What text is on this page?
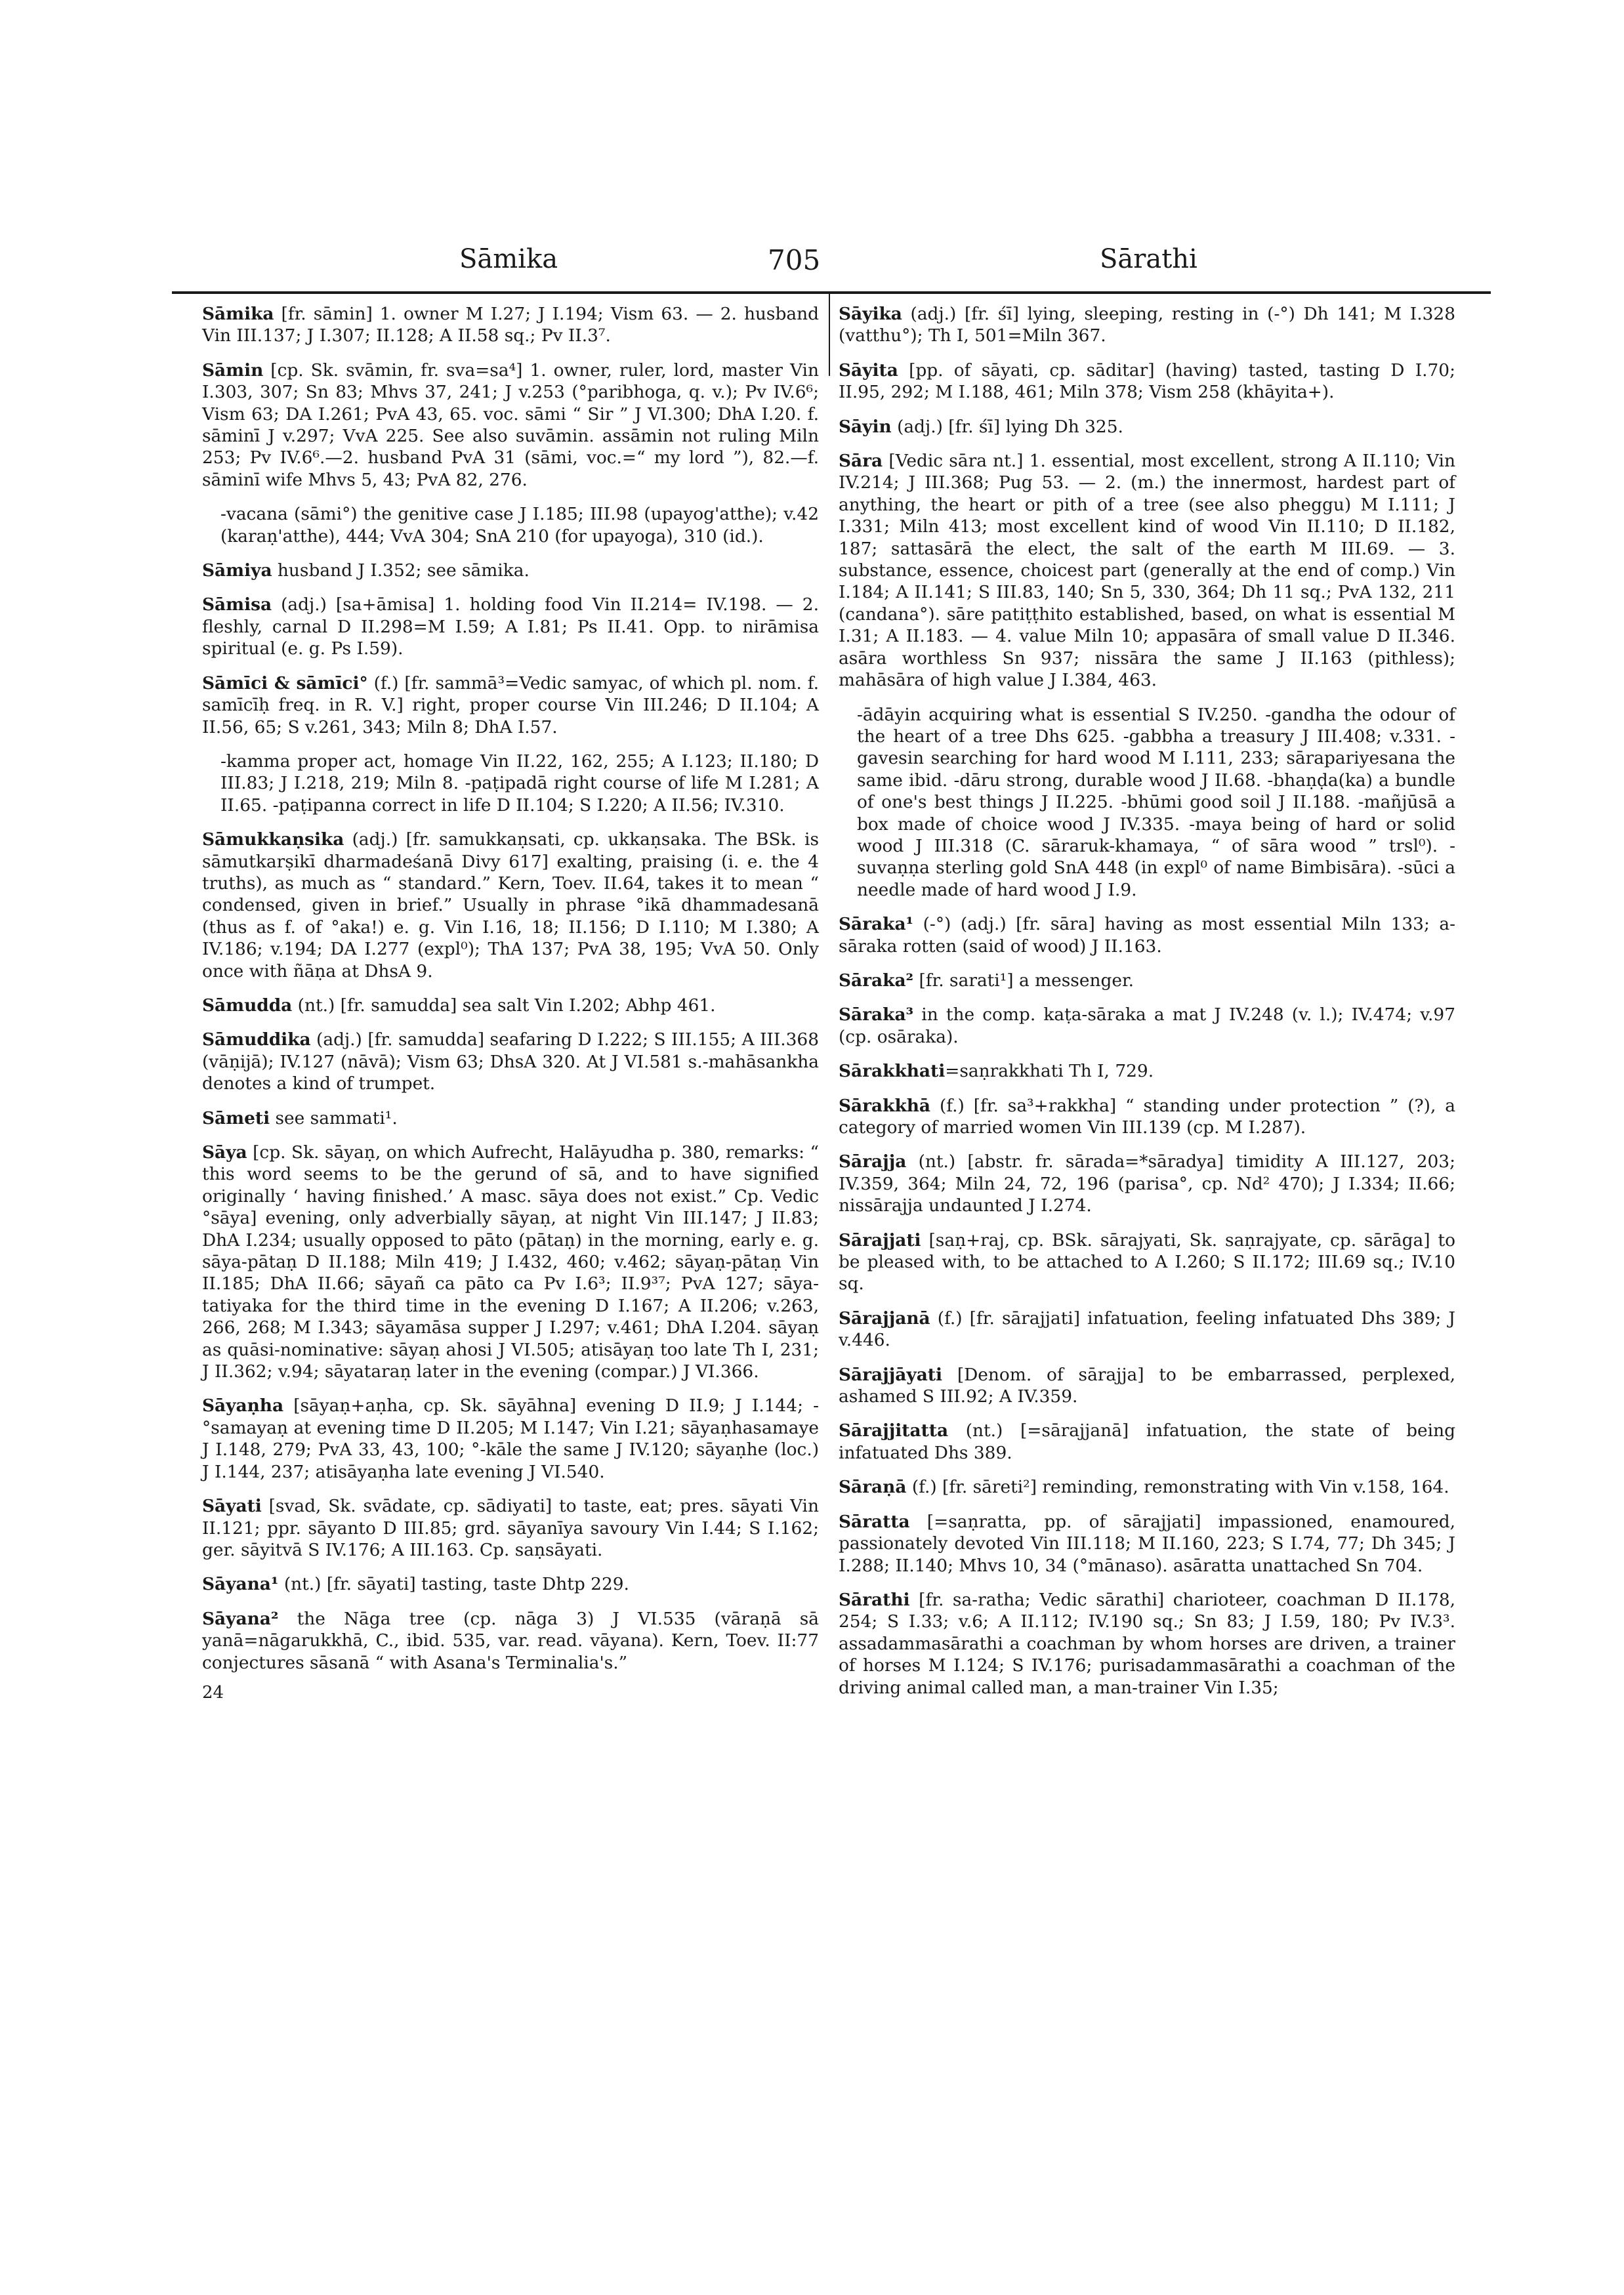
Sāmika	705	Sārathi
Sāmika [fr. sāmin] 1. owner M I.27; J I.194; Vism 63. — 2. husband Vin III.137; J I.307; II.128; A II.58 sq.; Pv II.3⁷.
Sāmin [cp. Sk. svāmin, fr. sva=sa⁴] 1. owner, ruler, lord, master Vin I.303, 307; Sn 83; Mhvs 37, 241; J v.253 (°paribhoga, q. v.); Pv IV.6⁶; Vism 63; DA I.261; PvA 43, 65. voc. sāmi “ Sir ” J VI.300; DhA I.20. f. sāminī J v.297; VvA 225. See also suvāmin. assāmin not ruling Miln 253; Pv IV.6⁶.—2. husband PvA 31 (sāmi, voc.=“ my lord ”), 82.—f. sāminī wife Mhvs 5, 43; PvA 82, 276.
-vacana (sāmi°) the genitive case J I.185; III.98 (upayog'atthe); v.42 (karaṇ'atthe), 444; VvA 304; SnA 210 (for upayoga), 310 (id.).
Sāmiya husband J I.352; see sāmika.
Sāmisa (adj.) [sa+āmisa] 1. holding food Vin II.214= IV.198. — 2. fleshly, carnal D II.298=M I.59; A I.81; Ps II.41. Opp. to nirāmisa spiritual (e. g. Ps I.59).
Sāmīci & sāmīci° (f.) [fr. sammā³=Vedic samyac, of which pl. nom. f. samīcīḥ freq. in R. V.] right, proper course Vin III.246; D II.104; A II.56, 65; S v.261, 343; Miln 8; DhA I.57.
-kamma proper act, homage Vin II.22, 162, 255; A I.123; II.180; D III.83; J I.218, 219; Miln 8. -paṭipadā right course of life M I.281; A II.65. -paṭipanna correct in life D II.104; S I.220; A II.56; IV.310.
Sāmukkaṇsika (adj.) [fr. samukkaṇsati, cp. ukkaṇsaka. The BSk. is sāmutkarṣikī dharmadeśanā Divy 617] exalting, praising (i. e. the 4 truths), as much as “ standard.” Kern, Toev. II.64, takes it to mean “ condensed, given in brief.” Usually in phrase °ikā dhammadesanā (thus as f. of °aka!) e. g. Vin I.16, 18; II.156; D I.110; M I.380; A IV.186; v.194; DA I.277 (expl⁰); ThA 137; PvA 38, 195; VvA 50. Only once with ñāṇa at DhsA 9.
Sāmudda (nt.) [fr. samudda] sea salt Vin I.202; Abhp 461.
Sāmuddika (adj.) [fr. samudda] seafaring D I.222; S III.155; A III.368 (vāṇijā); IV.127 (nāvā); Vism 63; DhsA 320. At J VI.581 s.-mahāsankha denotes a kind of trumpet.
Sāmeti see sammati¹.
Sāya [cp. Sk. sāyaṇ, on which Aufrecht, Halāyudha p. 380, remarks: “ this word seems to be the gerund of sā, and to have signified originally ‘ having finished.’ A masc. sāya does not exist.” Cp. Vedic °sāya] evening, only adverbially sāyaṇ, at night Vin III.147; J II.83; DhA I.234; usually opposed to pāto (pātaṇ) in the morning, early e. g. sāya-pātaṇ D II.188; Miln 419; J I.432, 460; v.462; sāyaṇ-pātaṇ Vin II.185; DhA II.66; sāyañ ca pāto ca Pv I.6³; II.9³⁷; PvA 127; sāya-tatiyaka for the third time in the evening D I.167; A II.206; v.263, 266, 268; M I.343; sāyamāsa supper J I.297; v.461; DhA I.204. sāyaṇ as quāsi-nominative: sāyaṇ ahosi J VI.505; atisāyaṇ too late Th I, 231; J II.362; v.94; sāyataraṇ later in the evening (compar.) J VI.366.
Sāyaṇha [sāyaṇ+aṇha, cp. Sk. sāyāhna] evening D II.9; J I.144; -°samayaṇ at evening time D II.205; M I.147; Vin I.21; sāyaṇhasamaye J I.148, 279; PvA 33, 43, 100; °-kāle the same J IV.120; sāyaṇhe (loc.) J I.144, 237; atisāyaṇha late evening J VI.540.
Sāyati [svad, Sk. svādate, cp. sādiyati] to taste, eat; pres. sāyati Vin II.121; ppr. sāyanto D III.85; grd. sāyanīya savoury Vin I.44; S I.162; ger. sāyitvā S IV.176; A III.163. Cp. saṇsāyati.
Sāyana¹ (nt.) [fr. sāyati] tasting, taste Dhtp 229.
Sāyana² the Nāga tree (cp. nāga 3) J VI.535 (vāraṇā sā yanā=nāgarukkhā, C., ibid. 535, var. read. vāyana). Kern, Toev. II:77 conjectures sāsanā “ with Asana's Terminalia's.”
24
Sāyika (adj.) [fr. śī] lying, sleeping, resting in (-°) Dh 141; M I.328 (vatthu°); Th I, 501=Miln 367.
Sāyita [pp. of sāyati, cp. sāditar] (having) tasted, tasting D I.70; II.95, 292; M I.188, 461; Miln 378; Vism 258 (khāyita+).
Sāyin (adj.) [fr. śī] lying Dh 325.
Sāra [Vedic sāra nt.] 1. essential, most excellent, strong A II.110; Vin IV.214; J III.368; Pug 53. — 2. (m.) the innermost, hardest part of anything, the heart or pith of a tree (see also pheggu) M I.111; J I.331; Miln 413; most excellent kind of wood Vin II.110; D II.182, 187; sattasārā the elect, the salt of the earth M III.69. — 3. substance, essence, choicest part (generally at the end of comp.) Vin I.184; A II.141; S III.83, 140; Sn 5, 330, 364; Dh 11 sq.; PvA 132, 211 (candana°). sāre patiṭṭhito established, based, on what is essential M I.31; A II.183. — 4. value Miln 10; appasāra of small value D II.346. asāra worthless Sn 937; nissāra the same J II.163 (pithless); mahāsāra of high value J I.384, 463.
-ādāyin acquiring what is essential S IV.250. -gandha the odour of the heart of a tree Dhs 625. -gabbha a treasury J III.408; v.331. -gavesin searching for hard wood M I.111, 233; sārapariyesana the same ibid. -dāru strong, durable wood J II.68. -bhaṇḍa(ka) a bundle of one's best things J II.225. -bhūmi good soil J II.188. -mañjūsā a box made of choice wood J IV.335. -maya being of hard or solid wood J III.318 (C. sāraruk-khamaya, “ of sāra wood ” trsl⁰). -suvaṇṇa sterling gold SnA 448 (in expl⁰ of name Bimbisāra). -sūci a needle made of hard wood J I.9.
Sāraka¹ (-°) (adj.) [fr. sāra] having as most essential Miln 133; a-sāraka rotten (said of wood) J II.163.
Sāraka² [fr. sarati¹] a messenger.
Sāraka³ in the comp. kaṭa-sāraka a mat J IV.248 (v. l.); IV.474; v.97 (cp. osāraka).
Sārakkhati=saṇrakkhati Th I, 729.
Sārakkhā (f.) [fr. sa³+rakkha] “ standing under protection ” (?), a category of married women Vin III.139 (cp. M I.287).
Sārajja (nt.) [abstr. fr. sārada=*sāradya] timidity A III.127, 203; IV.359, 364; Miln 24, 72, 196 (parisa°, cp. Nd² 470); J I.334; II.66; nissārajja undaunted J I.274.
Sārajjati [saṇ+raj, cp. BSk. sārajyati, Sk. saṇrajyate, cp. sārāga] to be pleased with, to be attached to A I.260; S II.172; III.69 sq.; IV.10 sq.
Sārajjanā (f.) [fr. sārajjati] infatuation, feeling infatuated Dhs 389; J v.446.
Sārajjāyati [Denom. of sārajja] to be embarrassed, perplexed, ashamed S III.92; A IV.359.
Sārajjitatta (nt.) [=sārajjanā] infatuation, the state of being infatuated Dhs 389.
Sāraṇā (f.) [fr. sāreti²] reminding, remonstrating with Vin v.158, 164.
Sāratta [=saṇratta, pp. of sārajjati] impassioned, enamoured, passionately devoted Vin III.118; M II.160, 223; S I.74, 77; Dh 345; J I.288; II.140; Mhvs 10, 34 (°mānaso). asāratta unattached Sn 704.
Sārathi [fr. sa-ratha; Vedic sārathi] charioteer, coachman D II.178, 254; S I.33; v.6; A II.112; IV.190 sq.; Sn 83; J I.59, 180; Pv IV.3³. assadammasārathi a coachman by whom horses are driven, a trainer of horses M I.124; S IV.176; purisadammasārathi a coachman of the driving animal called man, a man-trainer Vin I.35;
